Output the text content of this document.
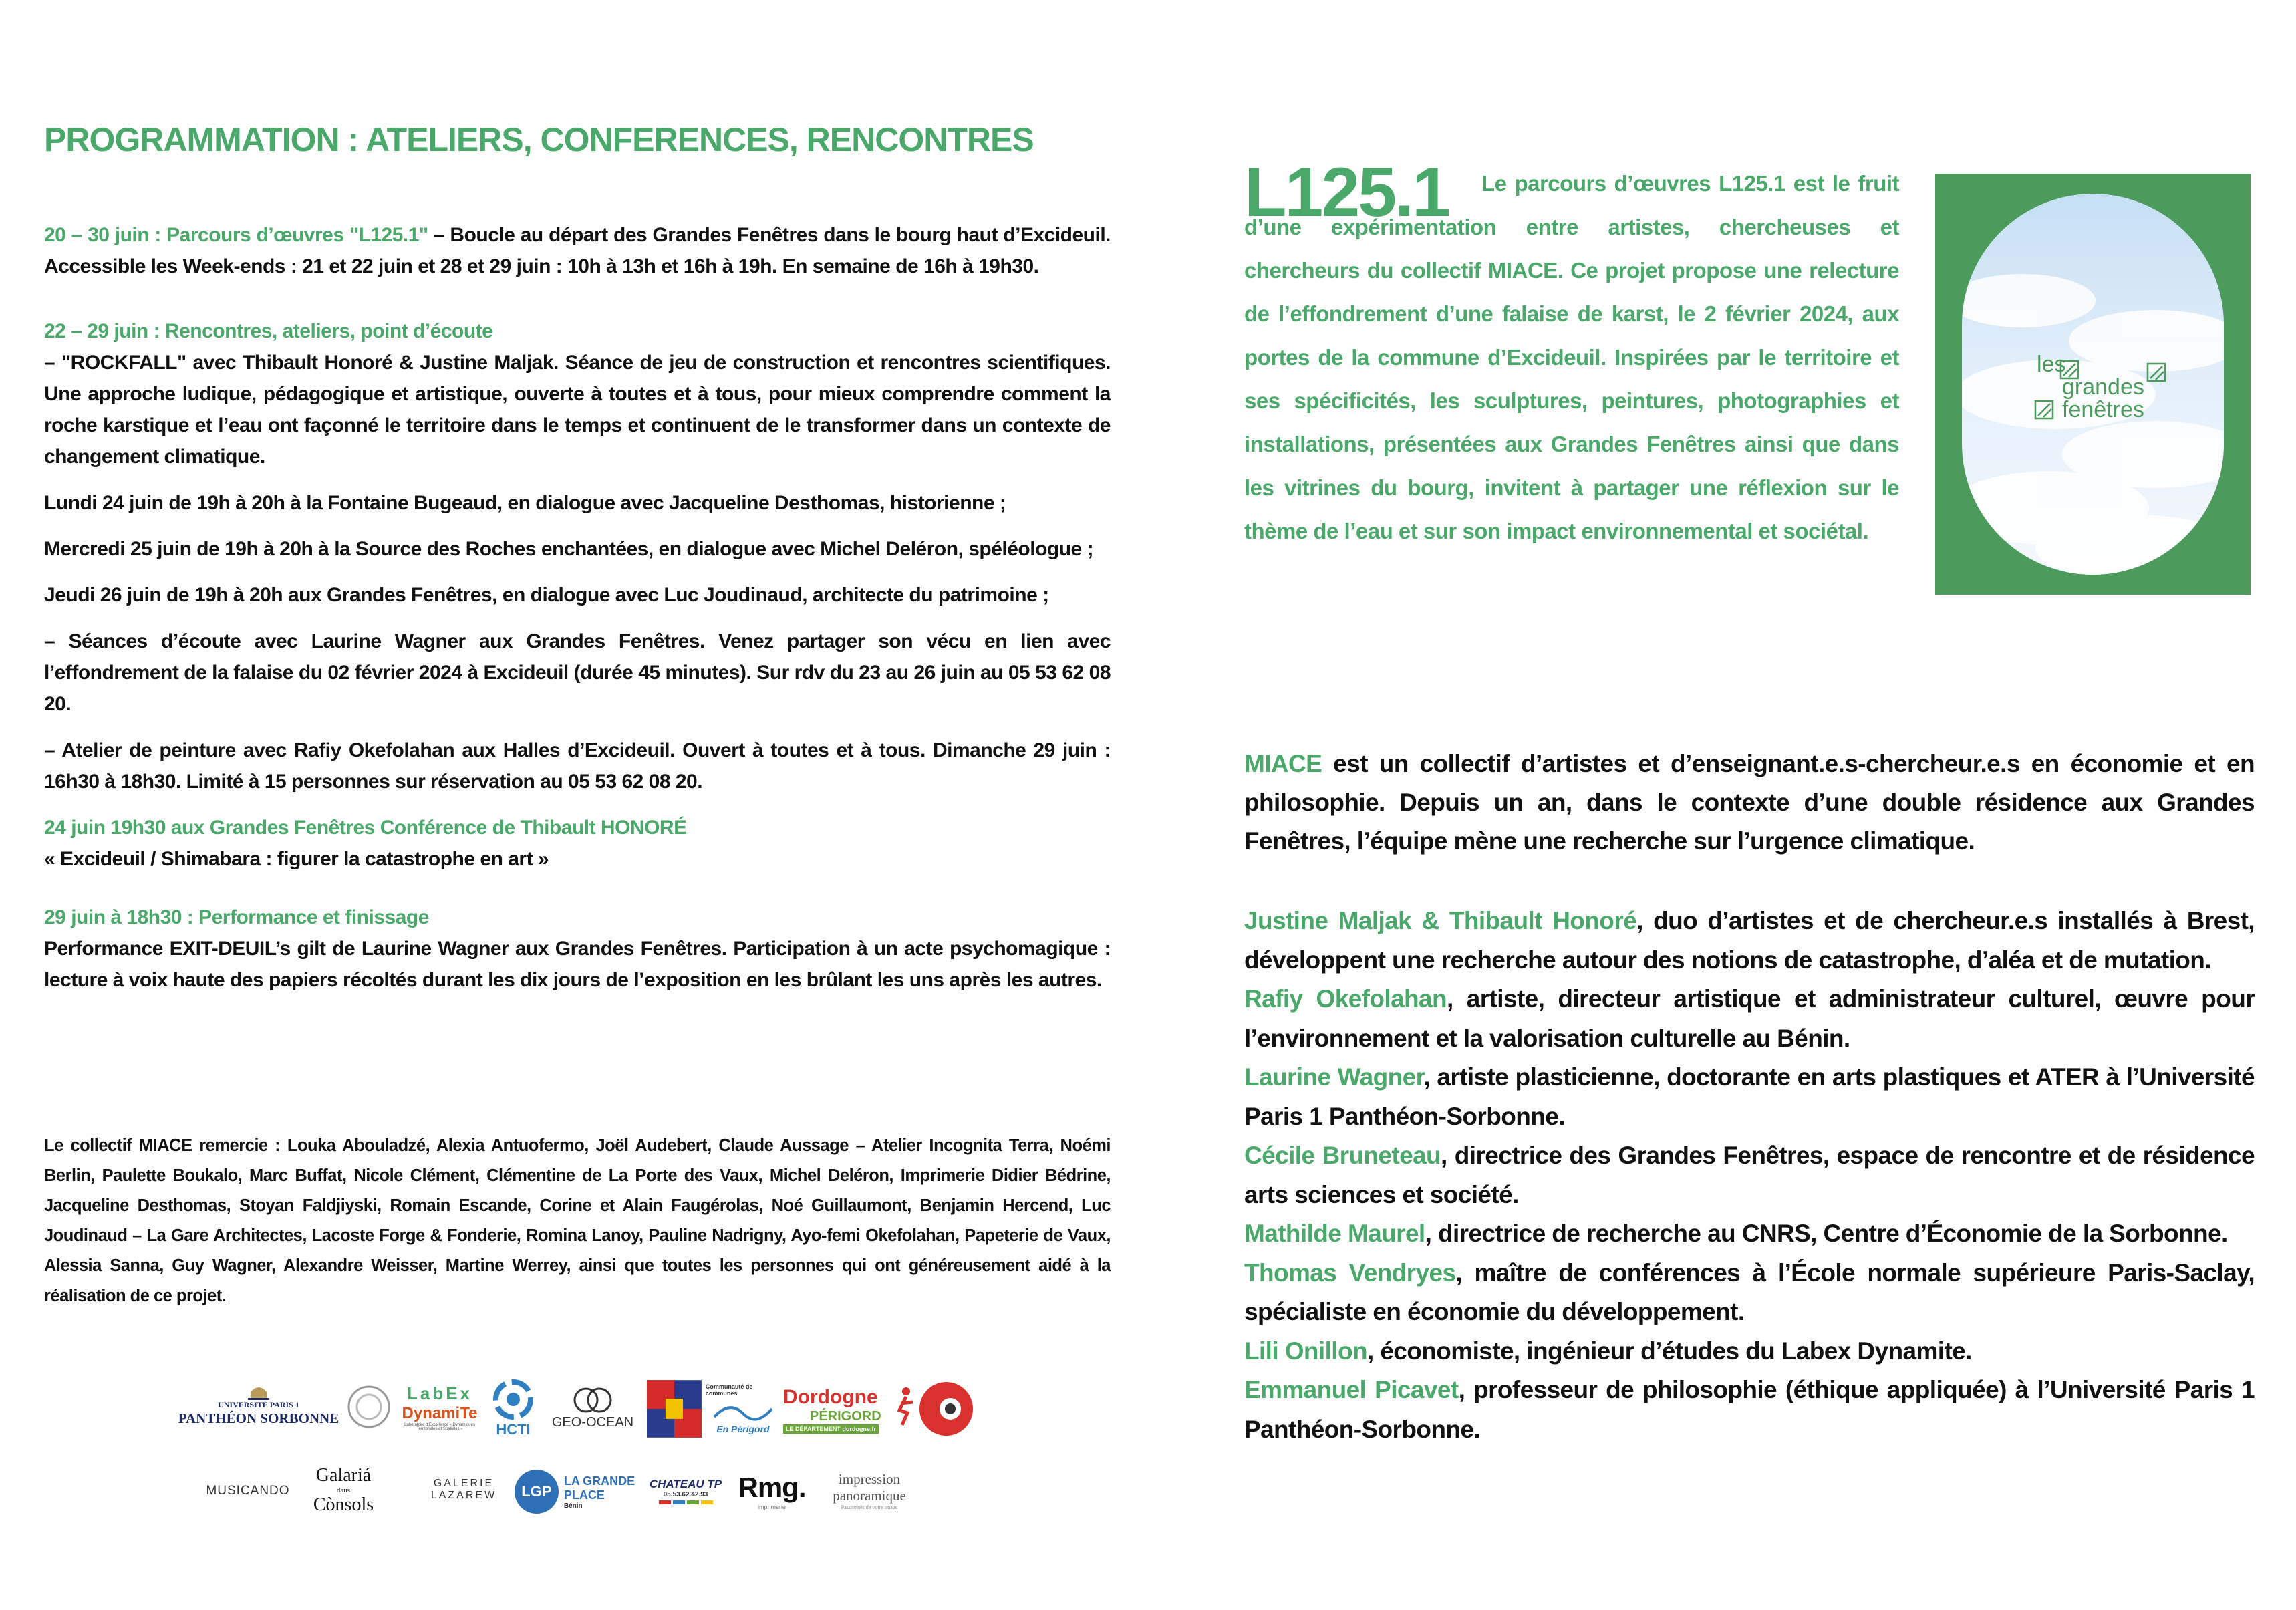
PROGRAMMATION : ATELIERS, CONFERENCES, RENCONTRES

20 – 30 juin : Parcours d’œuvres "L125.1" – Boucle au départ des Grandes Fenêtres dans le bourg haut d’Excideuil. Accessible les Week-ends : 21 et 22 juin et 28 et 29 juin : 10h à 13h et 16h à 19h. En semaine de 16h à 19h30.

22 – 29 juin : Rencontres, ateliers, point d’écoute

– "ROCKFALL" avec Thibault Honoré & Justine Maljak. Séance de jeu de construction et rencontres scientifiques. Une approche ludique, pédagogique et artistique, ouverte à toutes et à tous, pour mieux comprendre comment la roche karstique et l’eau ont façonné le territoire dans le temps et continuent de le transformer dans un contexte de changement climatique.

Lundi 24 juin de 19h à 20h à la Fontaine Bugeaud, en dialogue avec Jacqueline Desthomas, historienne ;

Mercredi 25 juin de 19h à 20h à la Source des Roches enchantées, en dialogue avec Michel Deléron, spéléologue ;

Jeudi 26 juin de 19h à 20h aux Grandes Fenêtres, en dialogue avec Luc Joudinaud, architecte du patrimoine ;

– Séances d’écoute avec Laurine Wagner aux Grandes Fenêtres. Venez partager son vécu en lien avec l’effondrement de la falaise du 02 février 2024 à Excideuil (durée 45 minutes). Sur rdv du 23 au 26 juin au 05 53 62 08 20.

– Atelier de peinture avec Rafiy Okefolahan aux Halles d’Excideuil. Ouvert à toutes et à tous. Dimanche 29 juin : 16h30 à 18h30. Limité à 15 personnes sur réservation au 05 53 62 08 20.

24 juin 19h30 aux Grandes Fenêtres Conférence de Thibault HONORÉ

« Excideuil / Shimabara : figurer la catastrophe en art »

29 juin à 18h30 : Performance et finissage

Performance EXIT-DEUIL’s gilt de Laurine Wagner aux Grandes Fenêtres. Participation à un acte psychomagique : lecture à voix haute des papiers récoltés durant les dix jours de l’exposition en les brûlant les uns après les autres.

Le collectif MIACE remercie : Louka Abouladzé, Alexia Antuofermo, Joël Audebert, Claude Aussage – Atelier Incognita Terra, Noémi Berlin, Paulette Boukalo, Marc Buffat, Nicole Clément, Clémentine de La Porte des Vaux, Michel Deléron, Imprimerie Didier Bédrine, Jacqueline Desthomas, Stoyan Faldjiyski, Romain Escande, Corine et Alain Faugérolas, Noé Guillaumont, Benjamin Hercend, Luc Joudinaud – La Gare Architectes, Lacoste Forge & Fonderie, Romina Lanoy, Pauline Nadrigny, Ayo-femi Okefolahan, Papeterie de Vaux, Alessia Sanna, Guy Wagner, Alexandre Weisser, Martine Werrey, ainsi que toutes les personnes qui ont généreusement aidé à la réalisation de ce projet.
UNIVERSITÉ PARIS 1
PANTHÉON SORBONNE
LabEx
DynamiTe
Laboratoire d’Excellence « Dynamiques Territoriales et Spatiales »	HCTI GEO-OCEAN
Communauté de communes
En Périgord
Dordogne
PÉRIGORD
LE DÉPARTEMENT dordogne.fr
MUSICANDO
Galariá
daus
Cònsols
GALERIE
LAZAREW LGP
LA GRANDE
PLACE
Bénin
CHATEAU TP
05.53.62.42.93 Rmg.
imprimerie
impression
panoramique
Passionnés de votre image
L125.1	Le parcours d’œuvres L125.1 est le fruit d’une expérimentation entre artistes, chercheuses et chercheurs du collectif MIACE. Ce projet propose une relecture de l’effondrement d’une falaise de karst, le 2 février 2024, aux portes de la commune d’Excideuil. Inspirées par le territoire et ses spécificités, les sculptures, peintures, photographies et installations, présentées aux Grandes Fenêtres ainsi que dans les vitrines du bourg, invitent à partager une réflexion sur le thème de l’eau et sur son impact environnemental et sociétal.
les
grandes
fenêtres
MIACE est un collectif d’artistes et d’enseignant.e.s-chercheur.e.s en économie et en philosophie. Depuis un an, dans le contexte d’une double résidence aux Grandes Fenêtres, l’équipe mène une recherche sur l’urgence climatique.

Justine Maljak & Thibault Honoré, duo d’artistes et de chercheur.e.s installés à Brest, développent une recherche autour des notions de catastrophe, d’aléa et de mutation.

Rafiy Okefolahan, artiste, directeur artistique et administrateur culturel, œuvre pour l’environnement et la valorisation culturelle au Bénin.

Laurine Wagner, artiste plasticienne, doctorante en arts plastiques et ATER à l’Université Paris 1 Panthéon-Sorbonne.

Cécile Bruneteau, directrice des Grandes Fenêtres, espace de rencontre et de résidence arts sciences et société.

Mathilde Maurel, directrice de recherche au CNRS, Centre d’Économie de la Sorbonne.

Thomas Vendryes, maître de conférences à l’École normale supérieure Paris-Saclay, spécialiste en économie du développement.

Lili Onillon, économiste, ingénieur d’études du Labex Dynamite.

Emmanuel Picavet, professeur de philosophie (éthique appliquée) à l’Université Paris 1 Panthéon-Sorbonne.
